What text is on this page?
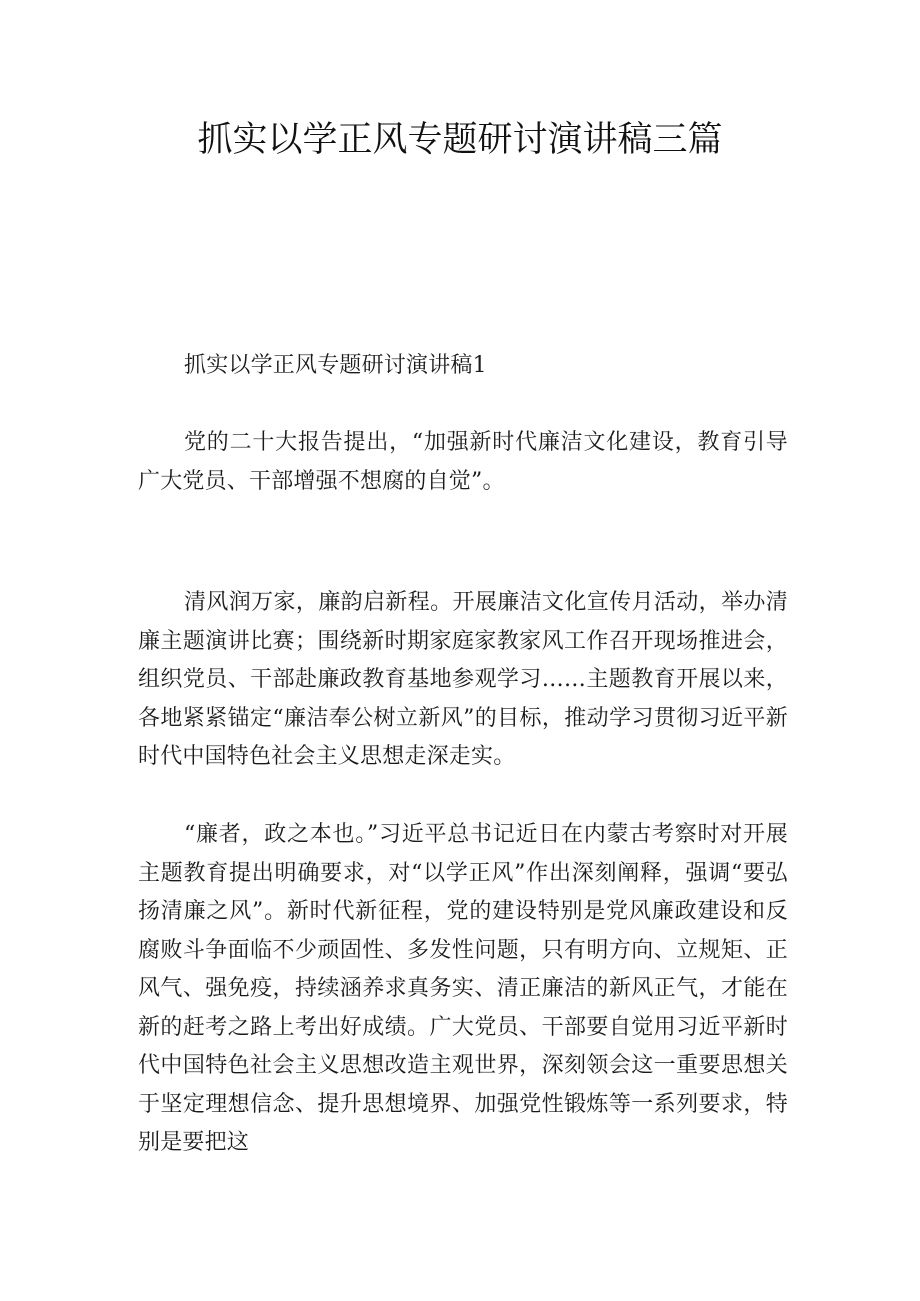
抓实以学正风专题研讨演讲稿三篇

抓实以学正风专题研讨演讲稿1

党的二十大报告提出，“加强新时代廉洁文化建设，教育引导广大党员、干部增强不想腐的自觉”。

清风润万家，廉韵启新程。开展廉洁文化宣传月活动，举办清廉主题演讲比赛；围绕新时期家庭家教家风工作召开现场推进会，组织党员、干部赴廉政教育基地参观学习……主题教育开展以来，各地紧紧锚定“廉洁奉公树立新风”的目标，推动学习贯彻习近平新时代中国特色社会主义思想走深走实。

“廉者，政之本也。”习近平总书记近日在内蒙古考察时对开展主题教育提出明确要求，对“以学正风”作出深刻阐释，强调“要弘扬清廉之风”。新时代新征程，党的建设特别是党风廉政建设和反腐败斗争面临不少顽固性、多发性问题，只有明方向、立规矩、正风气、强免疫，持续涵养求真务实、清正廉洁的新风正气，才能在新的赶考之路上考出好成绩。广大党员、干部要自觉用习近平新时代中国特色社会主义思想改造主观世界，深刻领会这一重要思想关于坚定理想信念、提升思想境界、加强党性锻炼等一系列要求，特别是要把这
